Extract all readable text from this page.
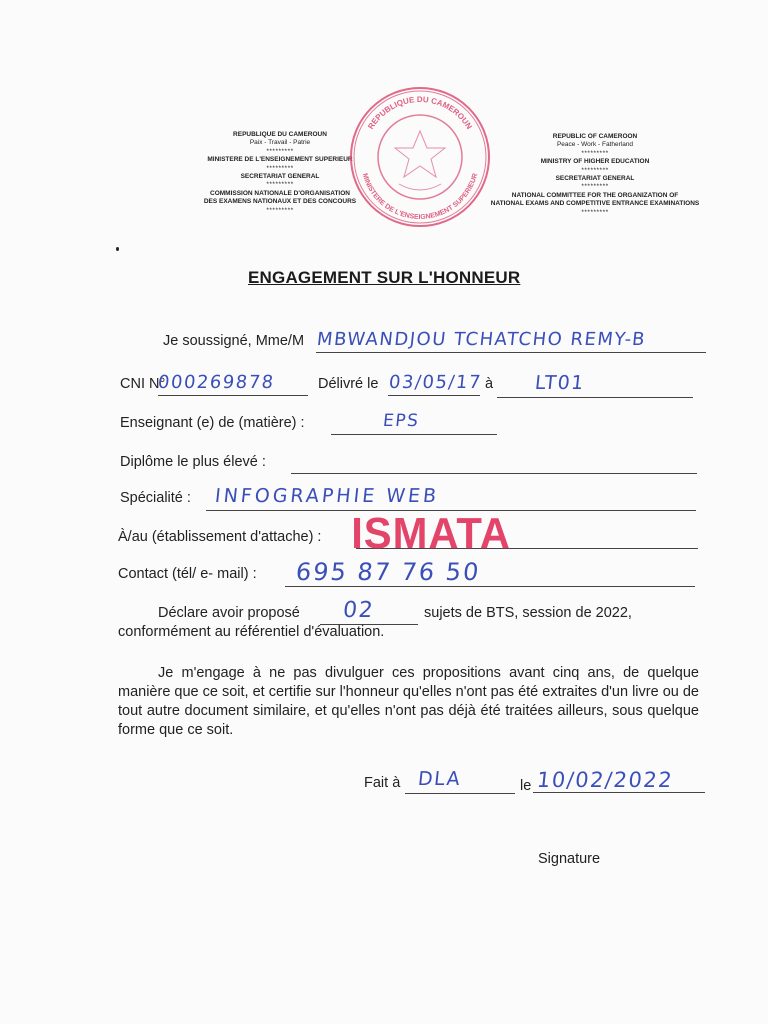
REPUBLIQUE DU CAMEROUN
Paix - Travail - Patrie
*********
MINISTERE DE L'ENSEIGNEMENT SUPERIEUR
*********
SECRETARIAT GENERAL
*********
COMMISSION NATIONALE D'ORGANISATION
DES EXAMENS NATIONAUX ET DES CONCOURS
*********
REPUBLIQUE DU CAMEROUN
MINISTERE DE L'ENSEIGNEMENT SUPERIEUR
REPUBLIC OF CAMEROON
Peace - Work - Fatherland
*********
MINISTRY OF HIGHER EDUCATION
*********
SECRETARIAT GENERAL
*********
NATIONAL COMMITTEE FOR THE ORGANIZATION OF
NATIONAL EXAMS AND COMPETITIVE ENTRANCE EXAMINATIONS
*********
ENGAGEMENT SUR L'HONNEUR
Je soussigné, Mme/M MBWANDJOU TCHATCHO REMY-B
CNI N°
000269878	Délivré le 03/05/17 à LT01
Enseignant (e) de (matière) :	EPS
Diplôme le plus élevé :
Spécialité : INFOGRAPHIE WEB
À/au (établissement d'attache) : ISMATA
Contact (tél/ e- mail) : 695 87 76 50
Déclare avoir proposé 02	sujets de BTS, session de 2022,
conformément au référentiel d'évaluation.
Je m'engage à ne pas divulguer ces propositions avant cinq ans, de quelque manière que ce soit, et certifie sur l'honneur qu'elles n'ont pas été extraites d'un livre ou de tout autre document similaire, et qu'elles n'ont pas déjà été traitées ailleurs, sous quelque forme que ce soit.
Fait à DLA	le 10/02/2022
Signature
